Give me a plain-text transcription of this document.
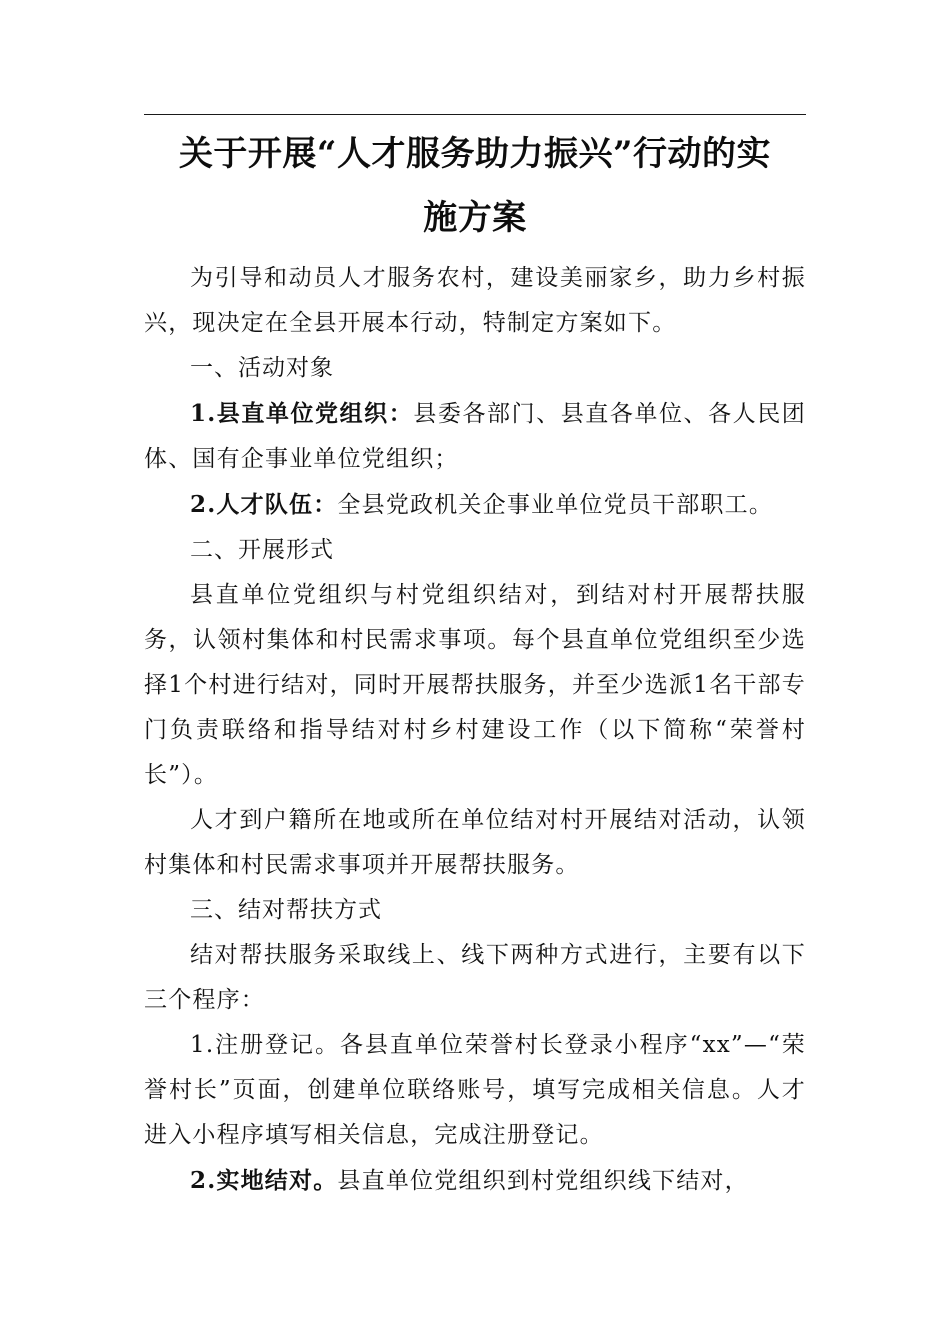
关于开展“人才服务助力振兴”行动的实
施方案

为引导和动员人才服务农村，建设美丽家乡，助力乡村振兴，现决定在全县开展本行动，特制定方案如下。

一、活动对象

1.县直单位党组织：县委各部门、县直各单位、各人民团体、国有企事业单位党组织；

2.人才队伍：全县党政机关企事业单位党员干部职工。

二、开展形式

县直单位党组织与村党组织结对，到结对村开展帮扶服务，认领村集体和村民需求事项。每个县直单位党组织至少选择1个村进行结对，同时开展帮扶服务，并至少选派1名干部专门负责联络和指导结对村乡村建设工作（以下简称“荣誉村长”）。

人才到户籍所在地或所在单位结对村开展结对活动，认领村集体和村民需求事项并开展帮扶服务。

三、结对帮扶方式

结对帮扶服务采取线上、线下两种方式进行，主要有以下三个程序：

1.注册登记。各县直单位荣誉村长登录小程序“xx”—“荣誉村长”页面，创建单位联络账号，填写完成相关信息。人才进入小程序填写相关信息，完成注册登记。

2.实地结对。县直单位党组织到村党组织线下结对，
